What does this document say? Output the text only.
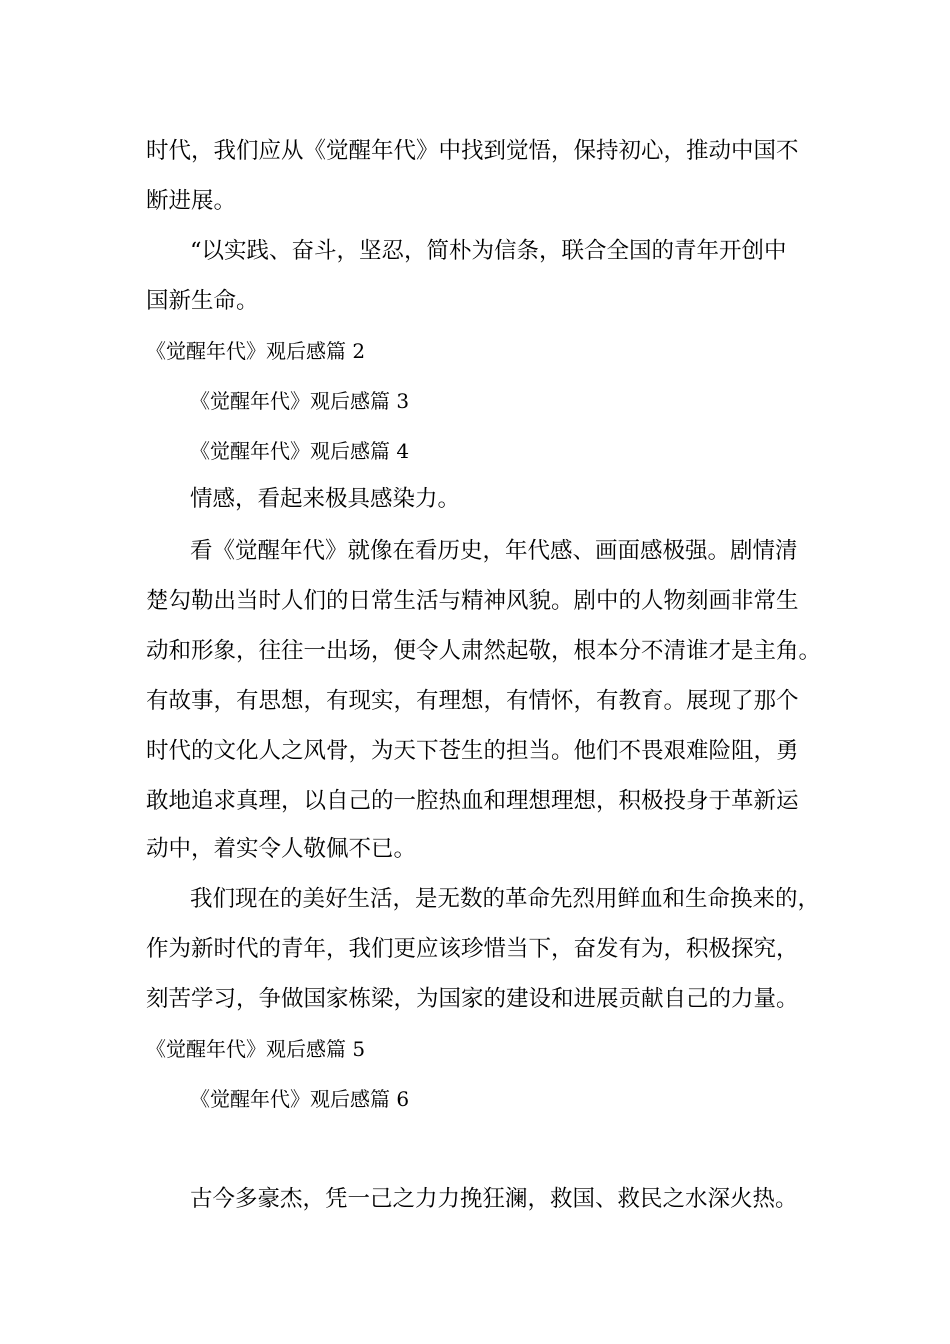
时代，我们应从《觉醒年代》中找到觉悟，保持初心，推动中国不

断进展。

“以实践、奋斗，坚忍，简朴为信条，联合全国的青年开创中

国新生命。

《觉醒年代》观后感篇 2

《觉醒年代》观后感篇 3

《觉醒年代》观后感篇 4

情感，看起来极具感染力。

看《觉醒年代》就像在看历史，年代感、画面感极强。剧情清

楚勾勒出当时人们的日常生活与精神风貌。剧中的人物刻画非常生

动和形象，往往一出场，便令人肃然起敬，根本分不清谁才是主角。

有故事，有思想，有现实，有理想，有情怀，有教育。展现了那个

时代的文化人之风骨，为天下苍生的担当。他们不畏艰难险阻，勇

敢地追求真理，以自己的一腔热血和理想理想，积极投身于革新运

动中，着实令人敬佩不已。

我们现在的美好生活，是无数的革命先烈用鲜血和生命换来的，

作为新时代的青年，我们更应该珍惜当下，奋发有为，积极探究，

刻苦学习，争做国家栋梁，为国家的建设和进展贡献自己的力量。

《觉醒年代》观后感篇 5

《觉醒年代》观后感篇 6

古今多豪杰，凭一己之力力挽狂澜，救国、救民之水深火热。
